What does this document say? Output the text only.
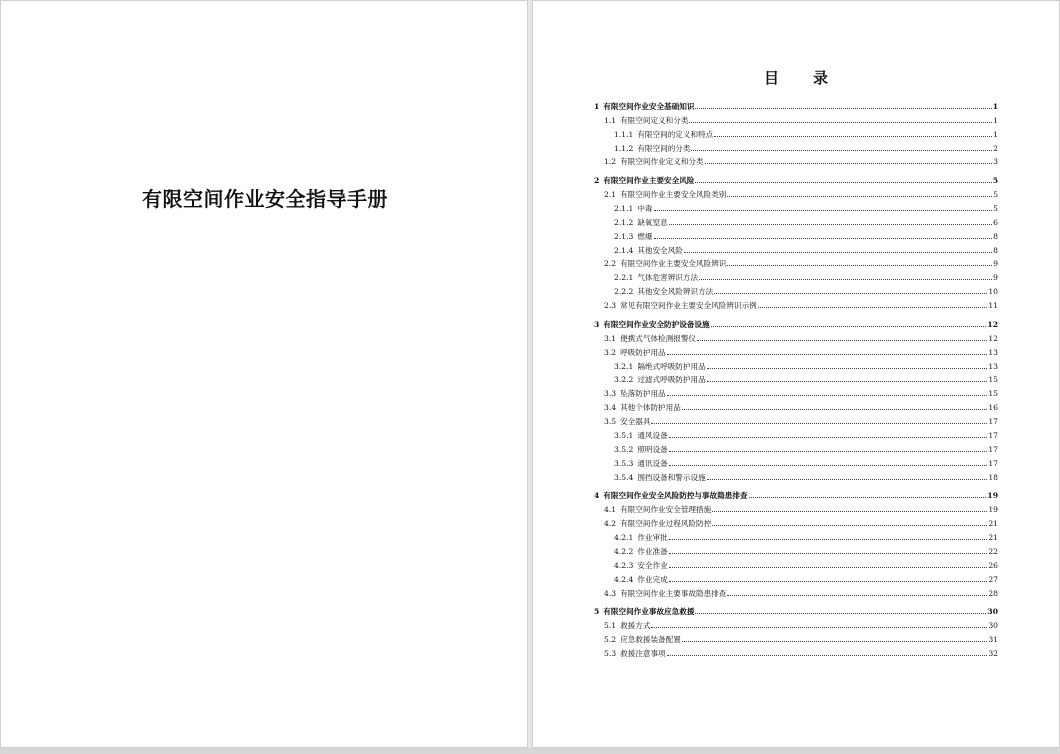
有限空间作业安全指导手册
目 录
1 有限空间作业安全基础知识	1
1.1 有限空间定义和分类	1
1.1.1 有限空间的定义和特点	1
1.1.2 有限空间的分类	2
1.2 有限空间作业定义和分类	3
2 有限空间作业主要安全风险	5
2.1 有限空间作业主要安全风险类别	5
2.1.1 中毒	5
2.1.2 缺氧窒息	6
2.1.3 燃爆	8
2.1.4 其他安全风险	8
2.2 有限空间作业主要安全风险辨识	9
2.2.1 气体危害辨识方法	9
2.2.2 其他安全风险辨识方法	10
2.3 常见有限空间作业主要安全风险辨识示例	11
3 有限空间作业安全防护设备设施	12
3.1 便携式气体检测报警仪	12
3.2 呼吸防护用品	13
3.2.1 隔绝式呼吸防护用品	13
3.2.2 过滤式呼吸防护用品	15
3.3 坠落防护用品	15
3.4 其他个体防护用品	16
3.5 安全器具	17
3.5.1 通风设备	17
3.5.2 照明设备	17
3.5.3 通讯设备	17
3.5.4 围挡设备和警示设施	18
4 有限空间作业安全风险防控与事故隐患排查	19
4.1 有限空间作业安全管理措施	19
4.2 有限空间作业过程风险防控	21
4.2.1 作业审批	21
4.2.2 作业准备	22
4.2.3 安全作业	26
4.2.4 作业完成	27
4.3 有限空间作业主要事故隐患排查	28
5 有限空间作业事故应急救援	30
5.1 救援方式	30
5.2 应急救援装备配置	31
5.3 救援注意事项	32
